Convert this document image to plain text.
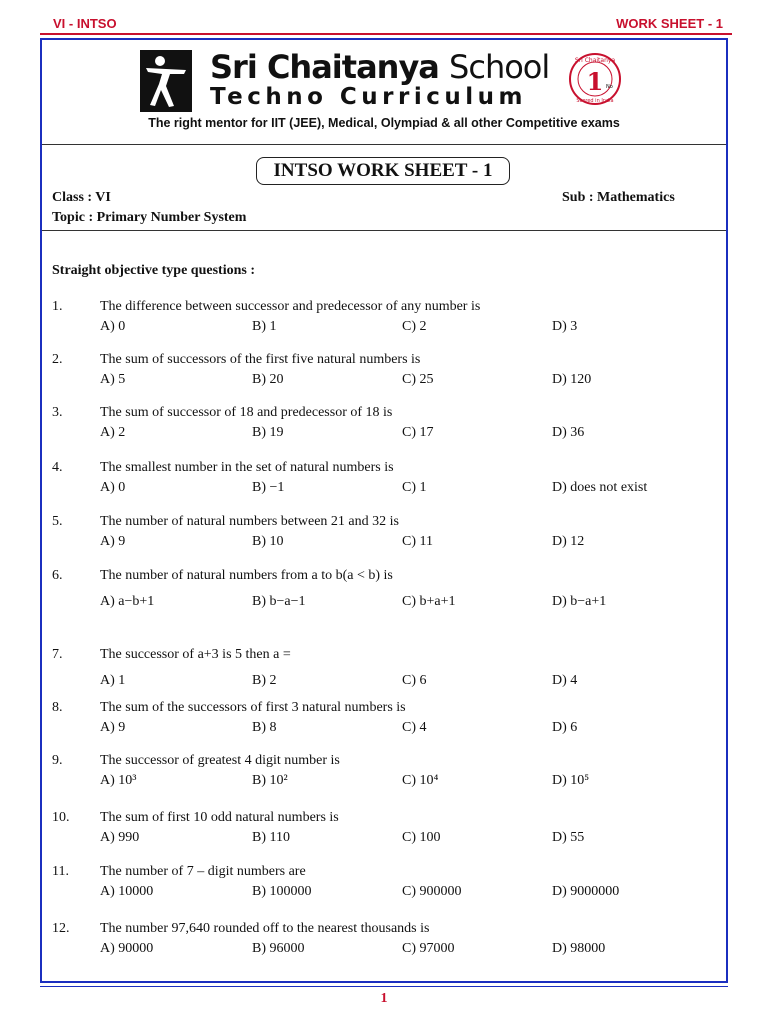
VI - INTSO	WORK SHEET - 1
Sri Chaitanya School
Techno Curriculum
Sri Chaitanya
1 No
Scored in India
The right mentor for IIT (JEE), Medical, Olympiad & all other Competitive exams
INTSO WORK SHEET - 1
Class : VI
Topic : Primary Number System
Sub : Mathematics
Straight objective type questions :
1.	The difference between successor and predecessor of any number is
A) 0	B) 1	C) 2	D) 3
2.	The sum of successors of the first five natural numbers is
A) 5	B) 20	C) 25	D) 120
3.	The sum of successor of 18 and predecessor of 18 is
A) 2	B) 19	C) 17	D) 36
4.	The smallest number in the set of natural numbers is
A) 0	B) −1	C) 1	D) does not exist
5.	The number of natural numbers between 21 and 32 is
A) 9	B) 10	C) 11	D) 12
6.	The number of natural numbers from a to b(a < b) is
A) a−b+1	B) b−a−1	C) b+a+1	D) b−a+1
7.	The successor of a+3 is 5 then a =
A) 1	B) 2	C) 6	D) 4
8.	The sum of the successors of first 3 natural numbers is
A) 9	B) 8	C) 4	D) 6
9.	The successor of greatest 4 digit number is
A) 10³	B) 10²	C) 10⁴	D) 10⁵
10. The sum of first 10 odd natural numbers is
A) 990	B) 110	C) 100	D) 55
11. The number of 7 – digit numbers are
A) 10000	B) 100000	C) 900000	D) 9000000
12. The number 97,640 rounded off to the nearest thousands is
A) 90000	B) 96000	C) 97000	D) 98000
1
